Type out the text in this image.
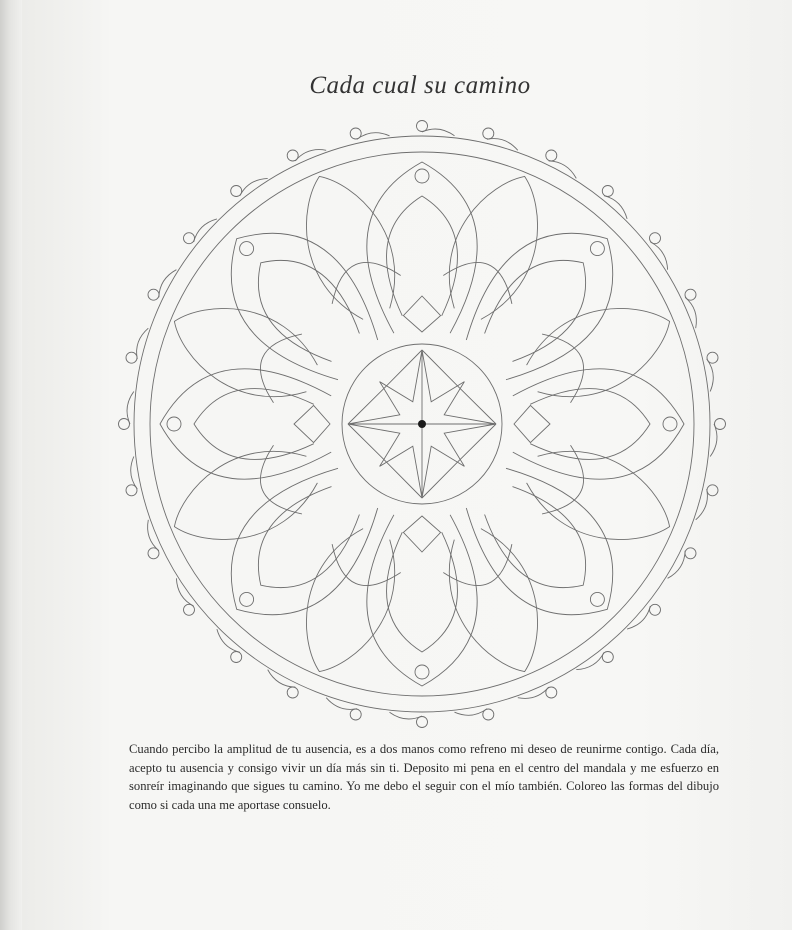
Cada cual su camino

Cuando percibo la amplitud de tu ausencia, es a dos manos como refreno mi deseo de reunirme contigo. Cada día, acepto tu ausencia y consigo vivir un día más sin ti. Deposito mi pena en el centro del mandala y me esfuerzo en sonreír imaginando que sigues tu camino. Yo me debo el seguir con el mío también. Coloreo las formas del dibujo como si cada una me aportase consuelo.
